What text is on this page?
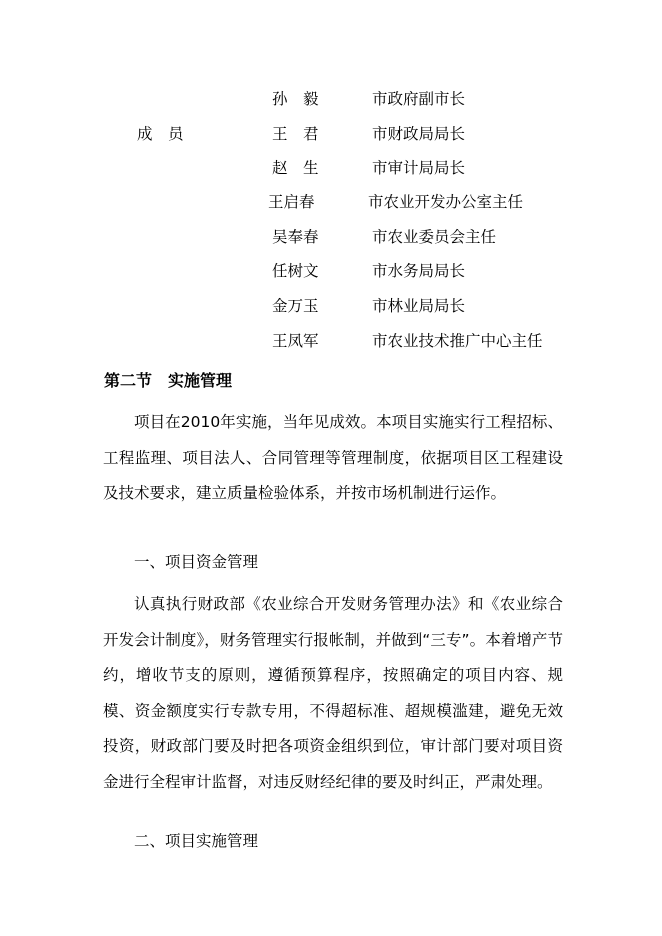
成　员
孙　毅	市政府副市长
王　君	市财政局局长
赵　生	市审计局局长
王启春	市农业开发办公室主任
吴奉春	市农业委员会主任
任树文	市水务局局长
金万玉	市林业局局长
王凤军	市农业技术推广中心主任
第二节　实施管理
项目在2010年实施，当年见成效。本项目实施实行工程招标、工程监理、项目法人、合同管理等管理制度，依据项目区工程建设及技术要求，建立质量检验体系，并按市场机制进行运作。
一、项目资金管理
认真执行财政部《农业综合开发财务管理办法》和《农业综合开发会计制度》，财务管理实行报帐制，并做到“三专”。本着增产节约，增收节支的原则，遵循预算程序，按照确定的项目内容、规模、资金额度实行专款专用，不得超标准、超规模滥建，避免无效投资，财政部门要及时把各项资金组织到位，审计部门要对项目资金进行全程审计监督，对违反财经纪律的要及时纠正，严肃处理。
二、项目实施管理
